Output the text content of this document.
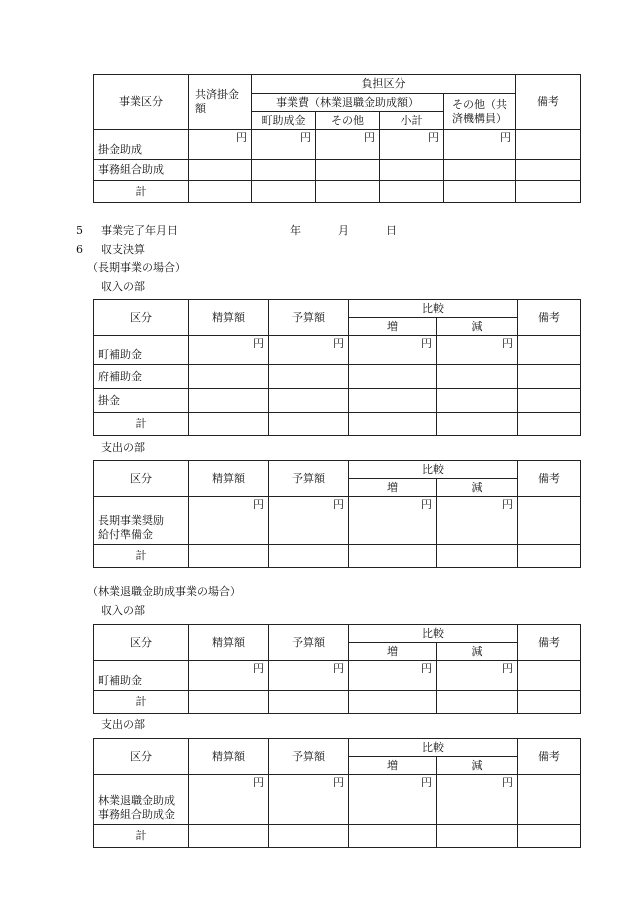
事業区分	共済掛金額	負担区分				備考
		事業費（林業退職金助成額）			その他（共
済機構員）	

		町助成金	その他	小計		
掛金助成	円	円	円	円	円	
事務組合助成						
計						
5 事業完了年月日	年	月	日
6 収支決算
（長期事業の場合）
収入の部
区分	精算額	予算額	比較		備考
			増	減	
町補助金	円	円	円	円	
府補助金					
掛金					
計					
支出の部
区分	精算額	予算額	比較		備考
			増	減	

長期事業奨励
給付準備金	円	円	円	円	
計					
（林業退職金助成事業の場合）
収入の部
区分	精算額	予算額	比較		備考
			増	減	
町補助金	円	円	円	円	
計					
支出の部
区分	精算額	予算額	比較		備考
			増	減	

林業退職金助成
事務組合助成金	円	円	円	円	
計					
